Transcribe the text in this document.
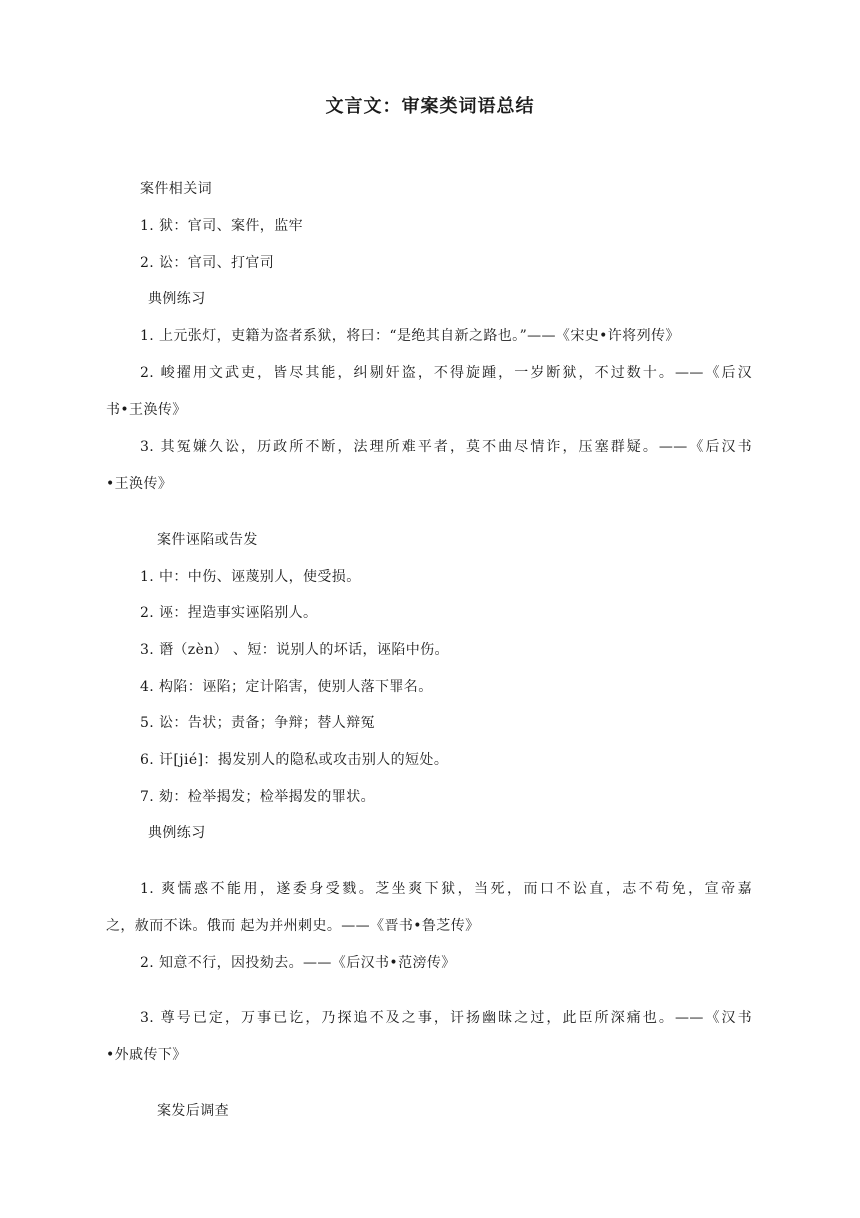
文言文：审案类词语总结
案件相关词
1. 狱：官司、案件，监牢
2. 讼：官司、打官司
典例练习
1. 上元张灯，吏籍为盗者系狱，将曰：“是绝其自新之路也。”——《宋史•许将列传》
2. 峻擢用文武吏，皆尽其能，纠剔奸盗，不得旋踵，一岁断狱，不过数十。——《后汉
书•王涣传》
3. 其冤嫌久讼，历政所不断，法理所难平者，莫不曲尽情诈，压塞群疑。——《后汉书
•王涣传》
案件诬陷或告发
1. 中：中伤、诬蔑别人，使受损。
2. 诬：捏造事实诬陷别人。
3. 谮（zèn） 、短：说别人的坏话，诬陷中伤。
4. 构陷：诬陷；定计陷害，使别人落下罪名。
5. 讼：告状；责备；争辩；替人辩冤
6. 讦[jié]：揭发别人的隐私或攻击别人的短处。
7. 劾：检举揭发；检举揭发的罪状。
典例练习
1. 爽懦惑不能用，遂委身受戮。芝坐爽下狱，当死，而口不讼直，志不苟免，宣帝嘉
之，赦而不诛。俄而 起为并州刺史。——《晋书•鲁芝传》
2. 知意不行，因投劾去。——《后汉书•范滂传》
3. 尊号已定，万事已讫，乃探追不及之事，讦扬幽昧之过，此臣所深痛也。——《汉书
•外戚传下》
案发后调查
